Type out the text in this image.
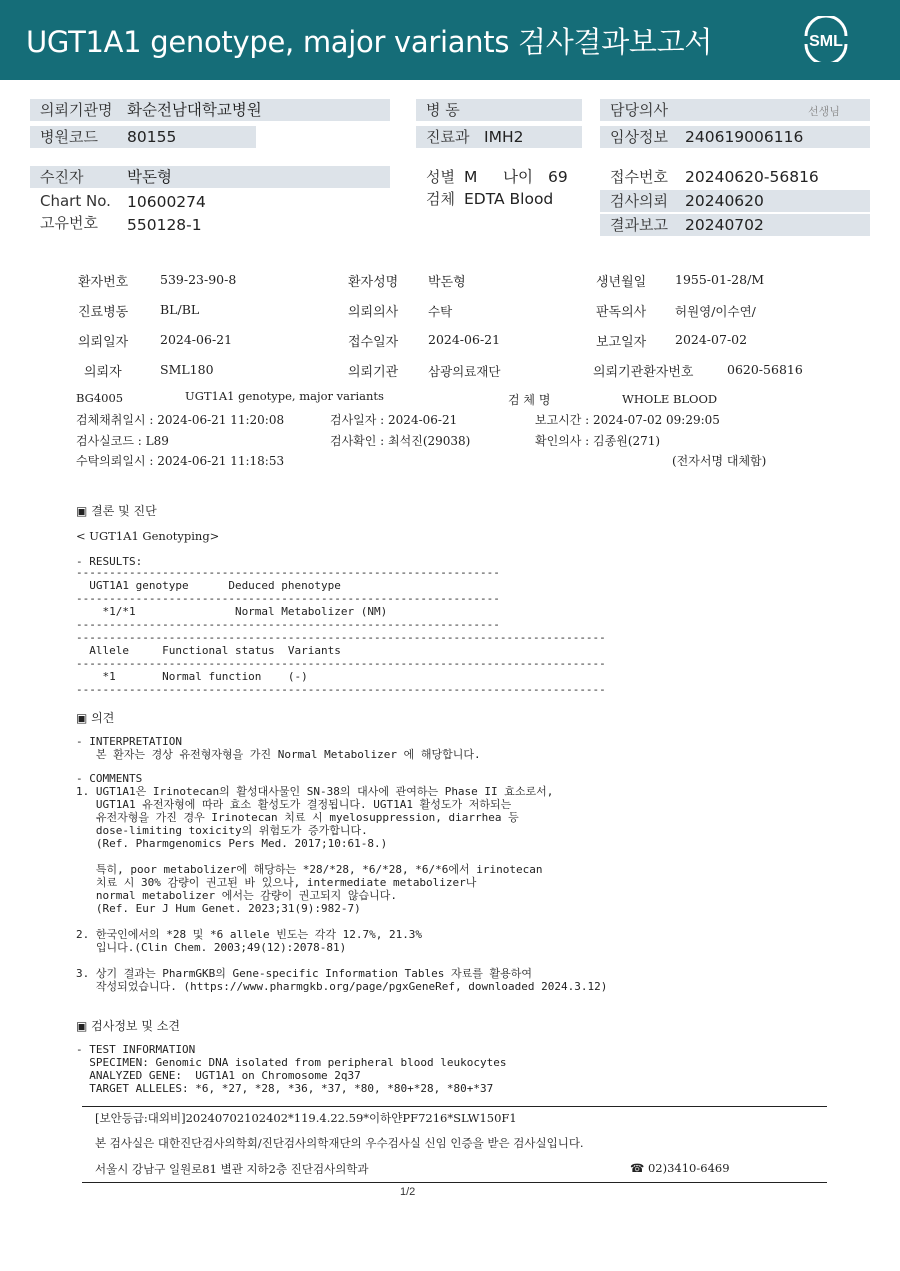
UGT1A1 genotype, major variants 검사결과보고서	SML
의뢰기관명 화순전남대학교병원
병원코드	80155
병 동
진료과 IMH2
담당의사	선생님
임상정보	240619006116
수진자	박돈형
Chart No. 10600274
고유번호 550128-1
성별 M 나이 69
검체 EDTA Blood
접수번호 20240620-56816
검사의뢰	20240620
결과보고	20240702
환자번호	539-23-90-8	환자성명 박돈형	생년월일 1955-01-28/M
진료병동	BL/BL	의뢰의사 수탁	판독의사 허원영/이수연/
의뢰일자	2024-06-21	접수일자 2024-06-21	보고일자 2024-07-02
의뢰자	SML180	의뢰기관 삼광의료재단	의뢰기관환자번호	0620-56816
BG4005	UGT1A1 genotype, major variants	검 체 명	WHOLE BLOOD
검체채취일시 : 2024-06-21 11:20:08	검사일자 : 2024-06-21	보고시간 : 2024-07-02 09:29:05
검사실코드 : L89	검사확인 : 최석진(29038)	확인의사 : 김종원(271)
수탁의뢰일시 : 2024-06-21 11:18:53	(전자서명 대체함)
▣ 결론 및 진단
< UGT1A1 Genotyping>
- RESULTS:
----------------------------------------------------------------
UGT1A1 genotype      Deduced phenotype
----------------------------------------------------------------
*1/*1               Normal Metabolizer (NM)
----------------------------------------------------------------
--------------------------------------------------------------------------------
Allele     Functional status  Variants
--------------------------------------------------------------------------------
*1       Normal function    (-)
--------------------------------------------------------------------------------
▣ 의견
- INTERPRETATION
본 환자는 경상 유전형자형을 가진 Normal Metabolizer 에 해당합니다.
- COMMENTS
1. UGT1A1은 Irinotecan의 활성대사물인 SN-38의 대사에 관여하는 Phase II 효소로서,
UGT1A1 유전자형에 따라 효소 활성도가 결정됩니다. UGT1A1 활성도가 저하되는
유전자형을 가진 경우 Irinotecan 치료 시 myelosuppression, diarrhea 등
dose-limiting toxicity의 위험도가 증가합니다.
(Ref. Pharmgenomics Pers Med. 2017;10:61-8.)

특히, poor metabolizer에 해당하는 *28/*28, *6/*28, *6/*6에서 irinotecan
치료 시 30% 감량이 권고된 바 있으나, intermediate metabolizer나
normal metabolizer 에서는 감량이 권고되지 않습니다.
(Ref. Eur J Hum Genet. 2023;31(9):982-7)

2. 한국인에서의 *28 및 *6 allele 빈도는 각각 12.7%, 21.3%
입니다.(Clin Chem. 2003;49(12):2078-81)

3. 상기 결과는 PharmGKB의 Gene-specific Information Tables 자료를 활용하여
작성되었습니다. (https://www.pharmgkb.org/page/pgxGeneRef, downloaded 2024.3.12)
▣ 검사정보 및 소견
- TEST INFORMATION
SPECIMEN: Genomic DNA isolated from peripheral blood leukocytes
ANALYZED GENE:  UGT1A1 on Chromosome 2q37
TARGET ALLELES: *6, *27, *28, *36, *37, *80, *80+*28, *80+*37
[보안등급:대외비]20240702102402*119.4.22.59*이하얀PF7216*SLW150F1
본 검사실은 대한진단검사의학회/진단검사의학재단의 우수검사실 신임 인증을 받은 검사실입니다.
서울시 강남구 일원로81 별관 지하2층 진단검사의학과	☎ 02)3410-6469
1/2
